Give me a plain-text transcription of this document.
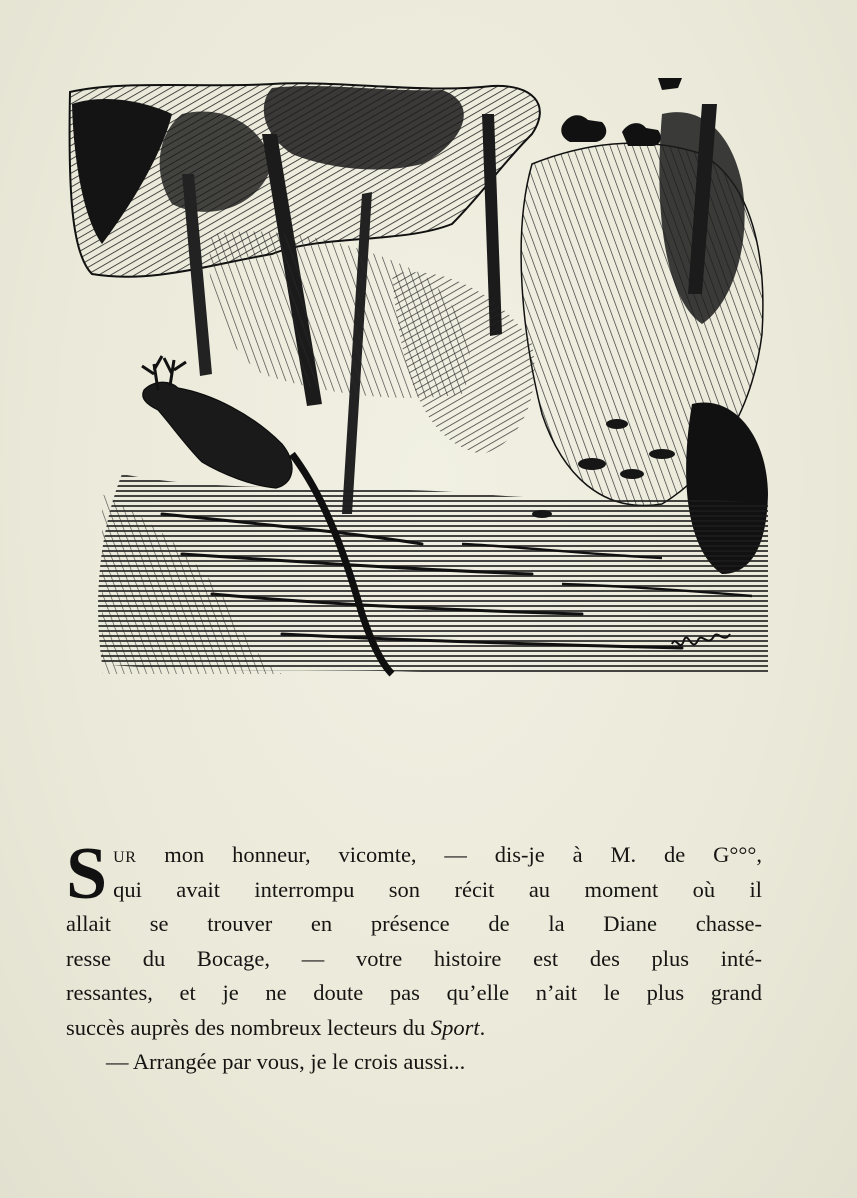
S ur mon honneur, vicomte, — dis-je à M. de G°°°,
qui avait interrompu son récit au moment où il
allait se trouver en présence de la Diane chasse-
resse du Bocage, — votre histoire est des plus inté-
ressantes, et je ne doute pas qu’elle n’ait le plus grand
succès auprès des nombreux lecteurs du Sport.

— Arrangée par vous, je le crois aussi...
